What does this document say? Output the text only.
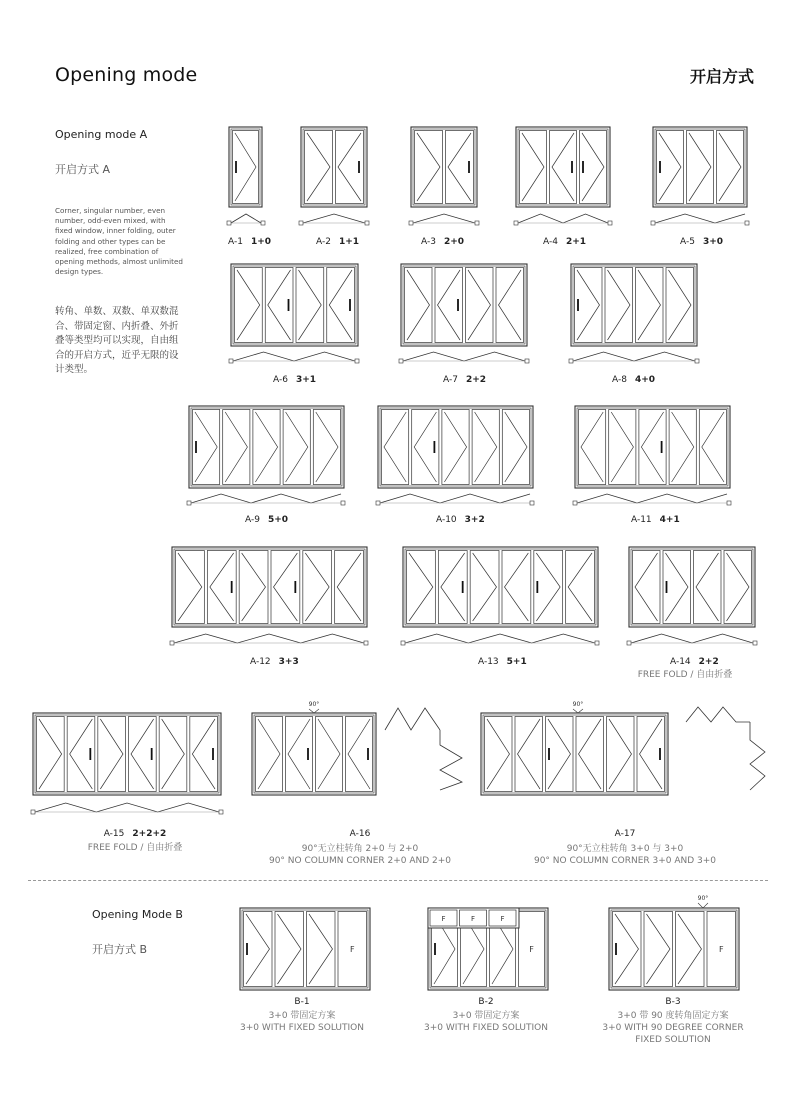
Opening mode	开启方式
Opening mode A
开启方式 A
Corner, singular number, even number, odd-even mixed, with fixed window, inner folding, outer folding and other types can be realized, free combination of opening methods, almost unlimited design types.
转角、单数、双数、单双数混合、带固定窗、内折叠、外折叠等类型均可以实现，自由组合的开启方式，近乎无限的设计类型。
90°	90°
F	F
F	F	F
F
90°
A-1 1+0	A-2 1+1	A-3 2+0	A-4 2+1	A-5 3+0
A-6 3+1	A-7 2+2	A-8 4+0
A-9 5+0	A-10 3+2	A-11 4+1
A-12 3+3	A-13 5+1	A-14 2+2
FREE FOLD / 自由折叠
A-15 2+2+2
FREE FOLD / 自由折叠
A-16
90°无立柱转角 2+0 与 2+0
90° NO COLUMN CORNER 2+0 AND 2+0
A-17
90°无立柱转角 3+0 与 3+0
90° NO COLUMN CORNER 3+0 AND 3+0
Opening Mode B
开启方式 B
B-1
3+0 带固定方案
3+0 WITH FIXED SOLUTION
B-2
3+0 带固定方案
3+0 WITH FIXED SOLUTION
B-3
3+0 带 90 度转角固定方案
3+0 WITH 90 DEGREE CORNER
FIXED SOLUTION
